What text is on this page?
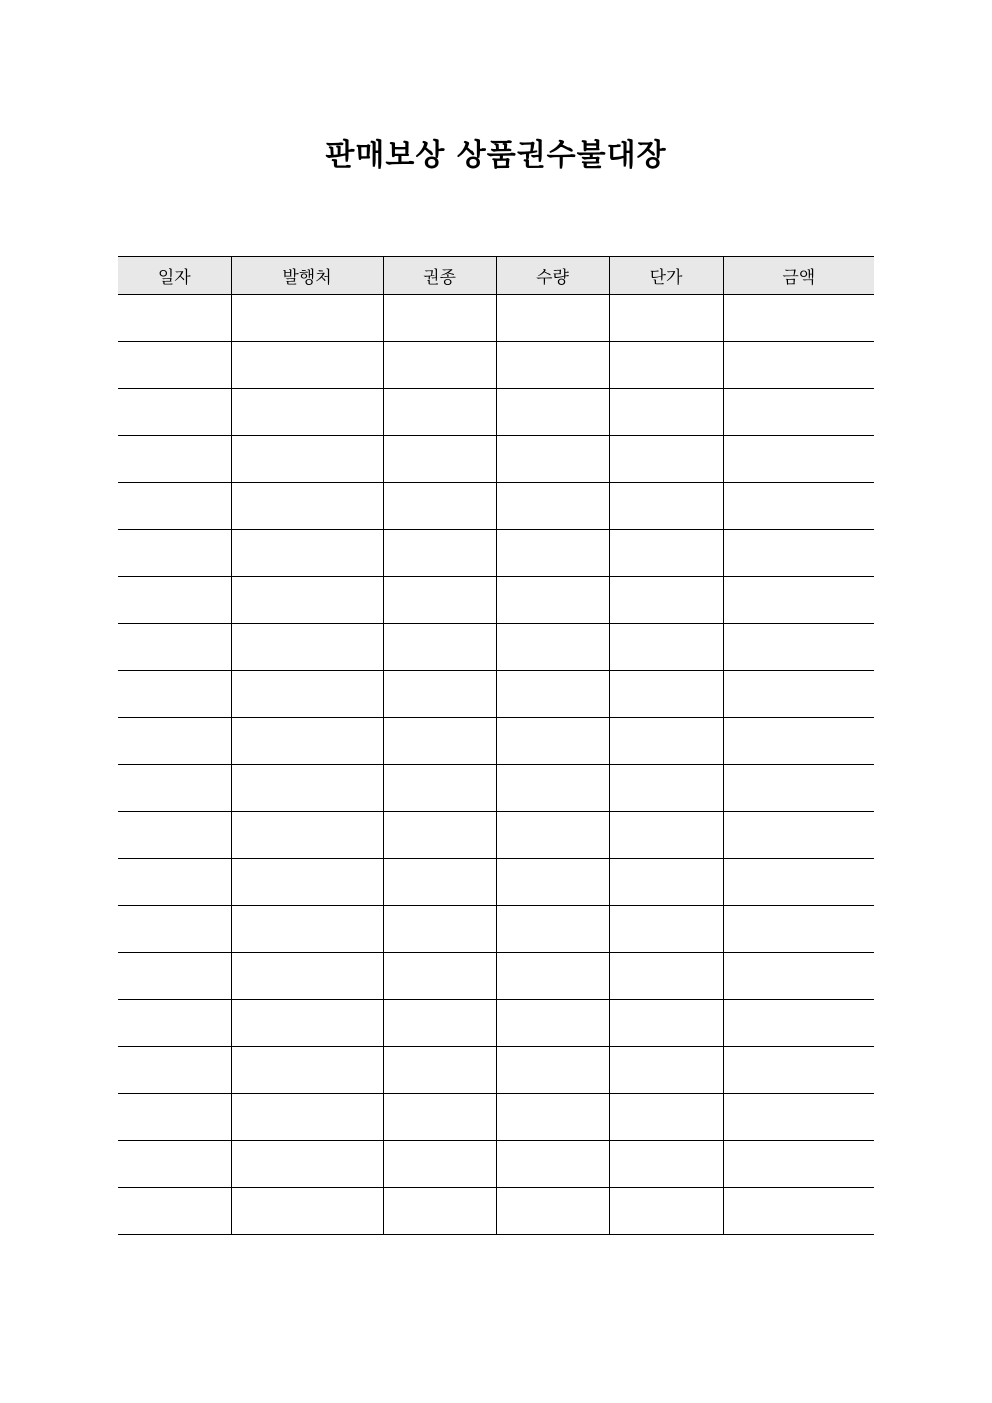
판매보상 상품권수불대장
일자	발행처	권종	수량	단가	금액
